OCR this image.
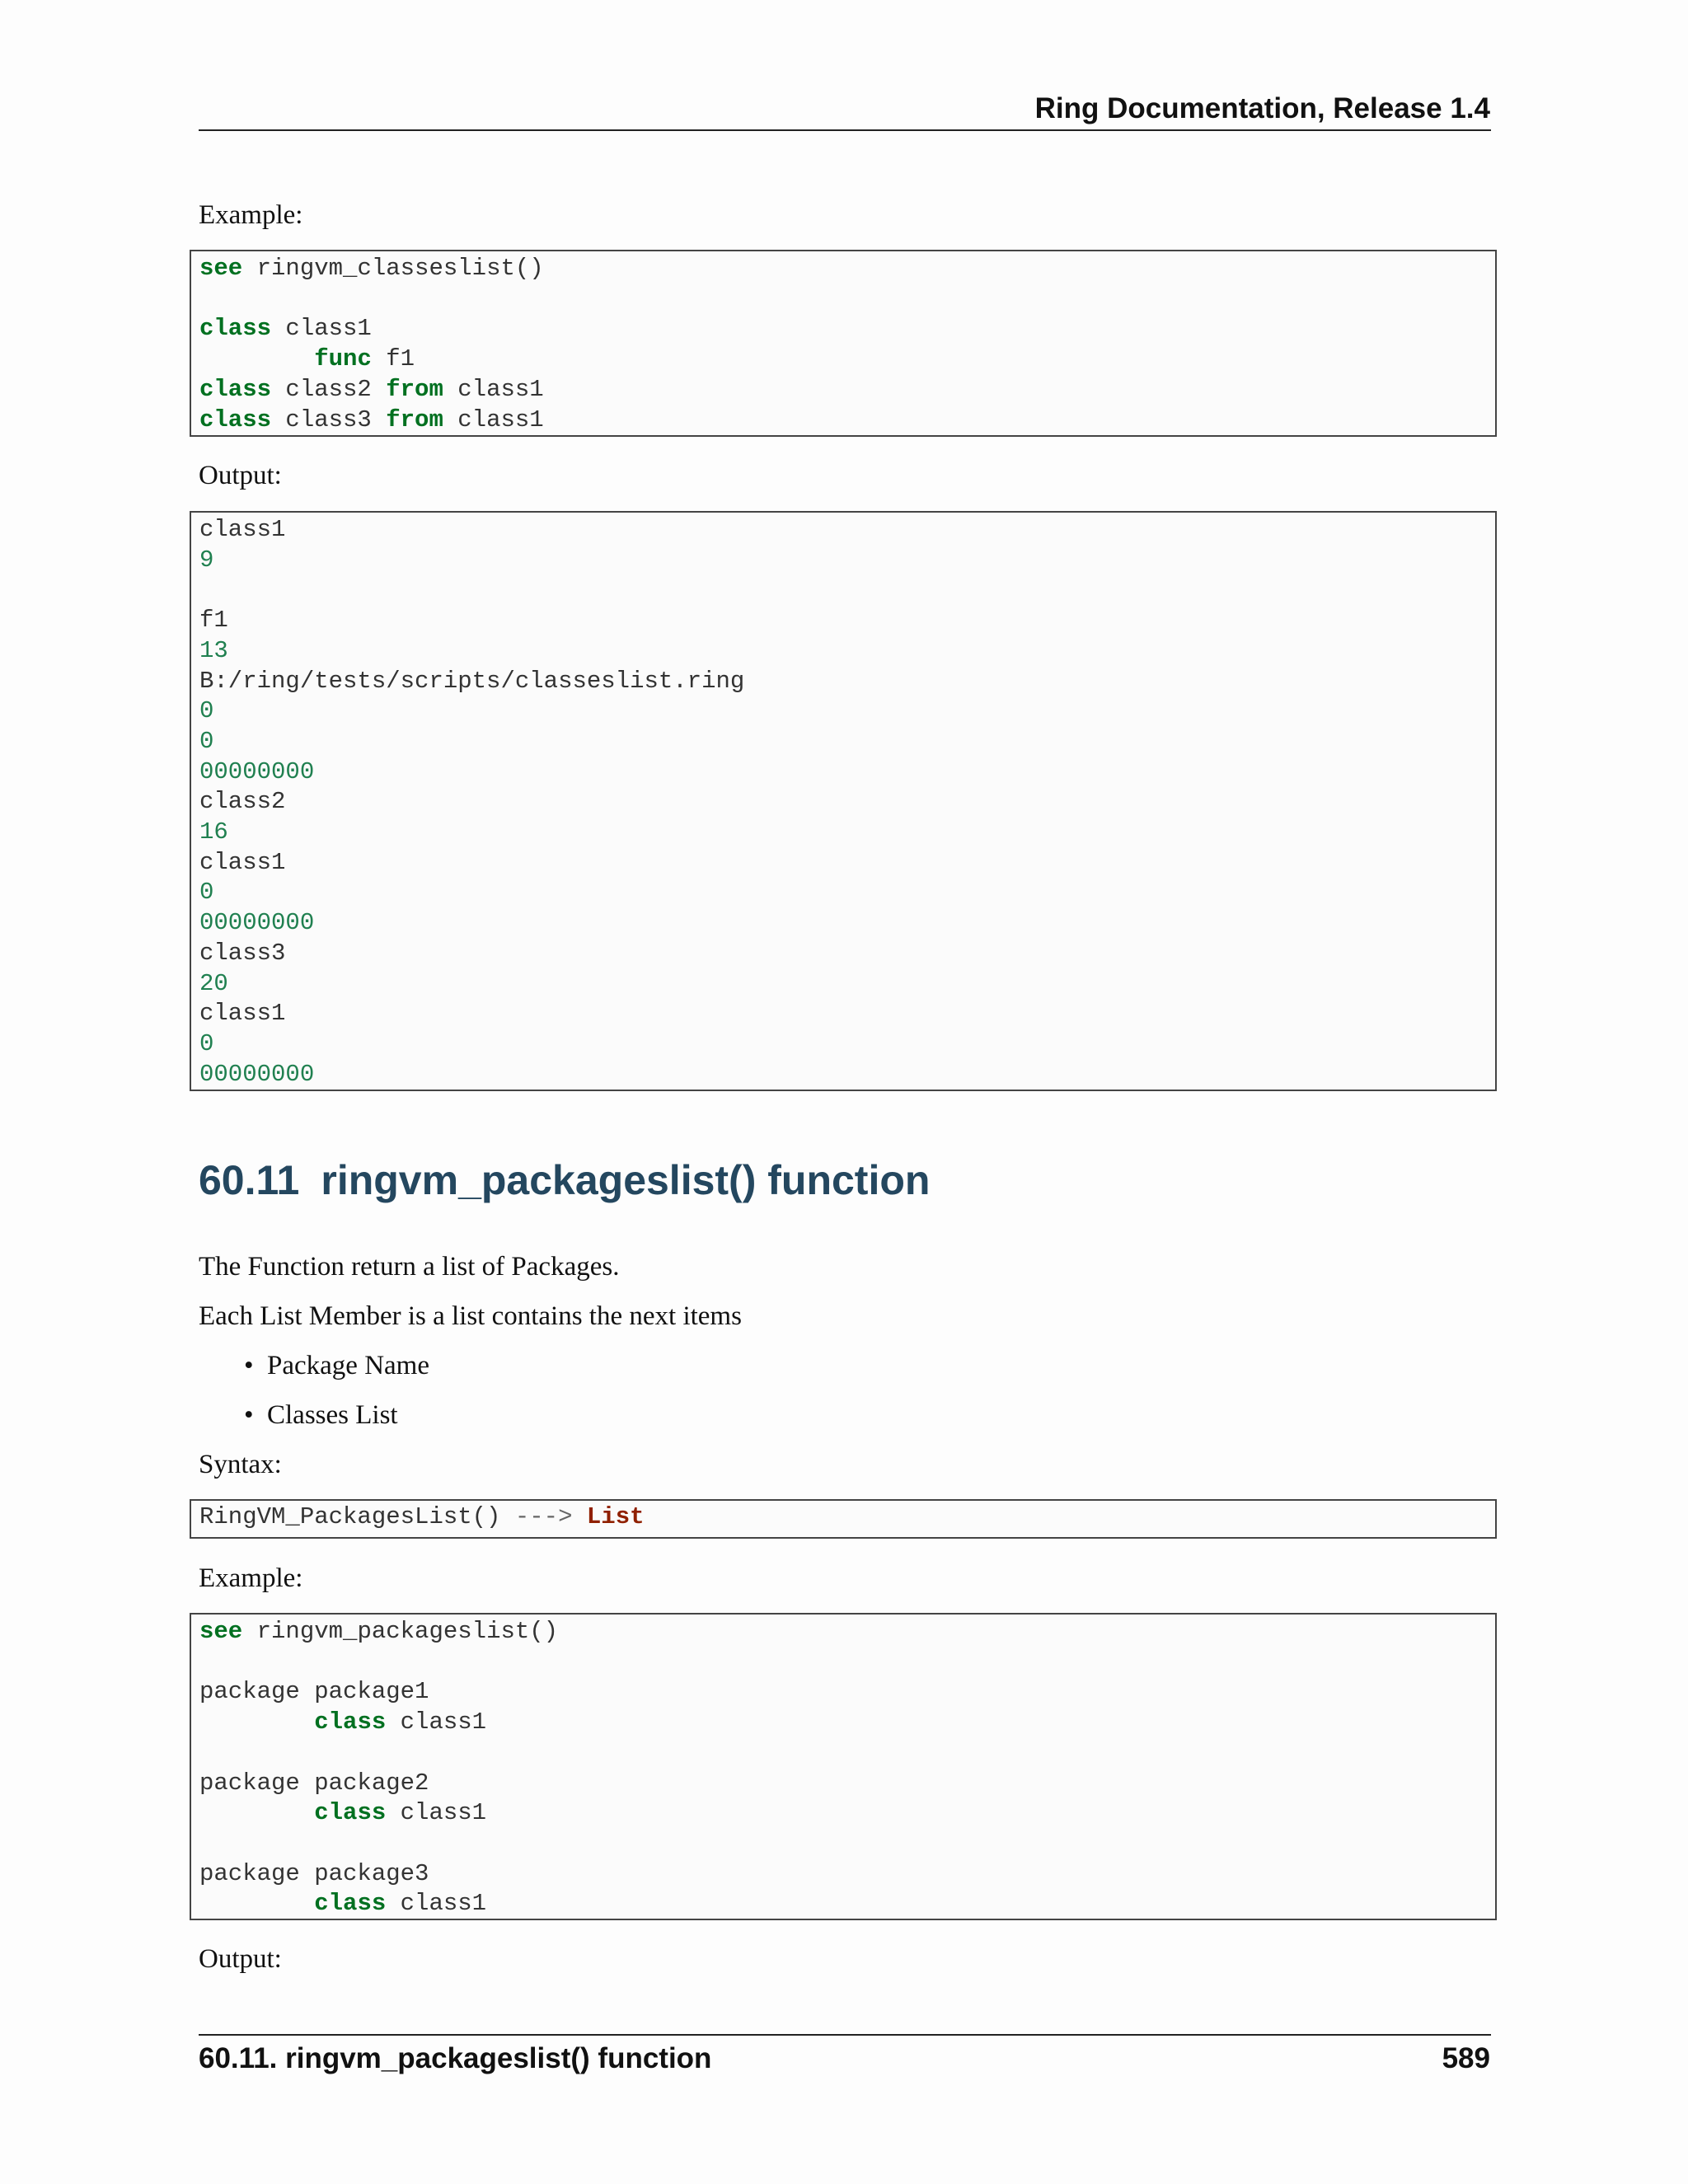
Ring Documentation, Release 1.4
Example:
see ringvm_classeslist()

class class1
func f1
class class2 from class1
class class3 from class1
Output:
class1
9

f1
13
B:/ring/tests/scripts/classeslist.ring
0
0
00000000
class2
16
class1
0
00000000
class3
20
class1
0
00000000
60.11 ringvm_packageslist() function
The Function return a list of Packages.
Each List Member is a list contains the next items
• Package Name
• Classes List
Syntax:
RingVM_PackagesList() ---> List
Example:
see ringvm_packageslist()

package package1
class class1

package package2
class class1

package package3
class class1
Output:
60.11. ringvm_packageslist() function	589
